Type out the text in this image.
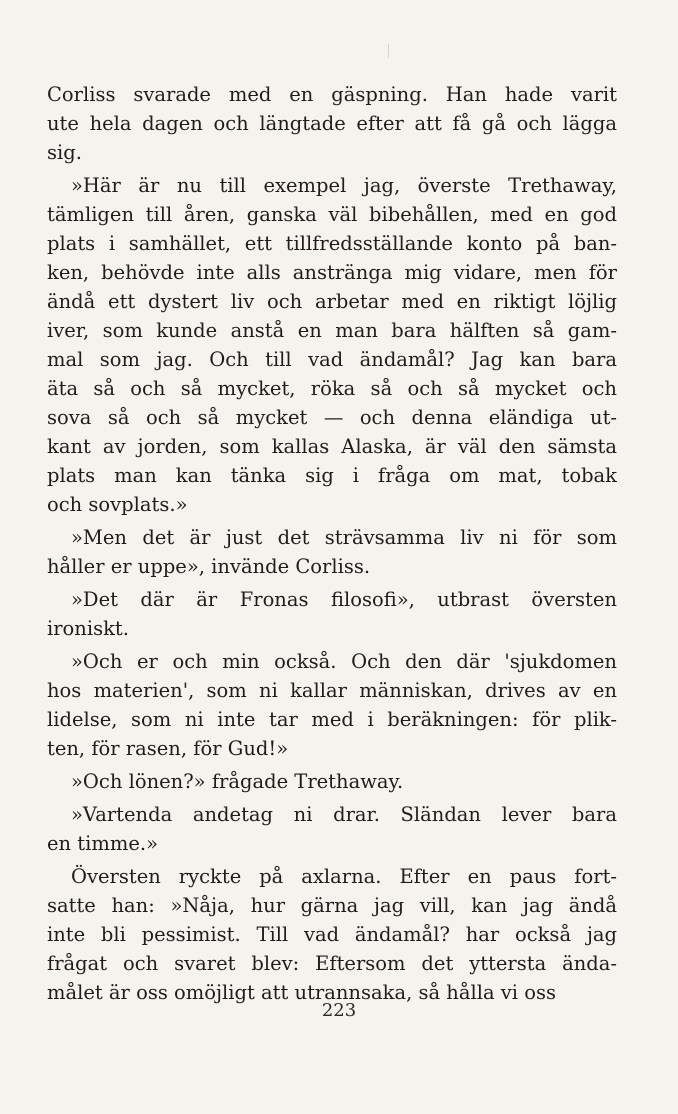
Corliss svarade med en gäspning. Han hade varit
ute hela dagen och längtade efter att få gå och lägga
sig.
»Här är nu till exempel jag, överste Trethaway,
tämligen till åren, ganska väl bibehållen, med en god
plats i samhället, ett tillfredsställande konto på ban-
ken, behövde inte alls anstränga mig vidare, men för
ändå ett dystert liv och arbetar med en riktigt löjlig
iver, som kunde anstå en man bara hälften så gam-
mal som jag. Och till vad ändamål? Jag kan bara
äta så och så mycket, röka så och så mycket och
sova så och så mycket — och denna eländiga ut-
kant av jorden, som kallas Alaska, är väl den sämsta
plats man kan tänka sig i fråga om mat, tobak
och sovplats.»
»Men det är just det strävsamma liv ni för som
håller er uppe», invände Corliss.
»Det där är Fronas filosofi», utbrast översten
ironiskt.
»Och er och min också. Och den där 'sjukdomen
hos materien', som ni kallar människan, drives av en
lidelse, som ni inte tar med i beräkningen: för plik-
ten, för rasen, för Gud!»
»Och lönen?» frågade Trethaway.
»Vartenda andetag ni drar. Sländan lever bara
en timme.»
Översten ryckte på axlarna. Efter en paus fort-
satte han: »Nåja, hur gärna jag vill, kan jag ändå
inte bli pessimist. Till vad ändamål? har också jag
frågat och svaret blev: Eftersom det yttersta ända-
målet är oss omöjligt att utrannsaka, så hålla vi oss
223
